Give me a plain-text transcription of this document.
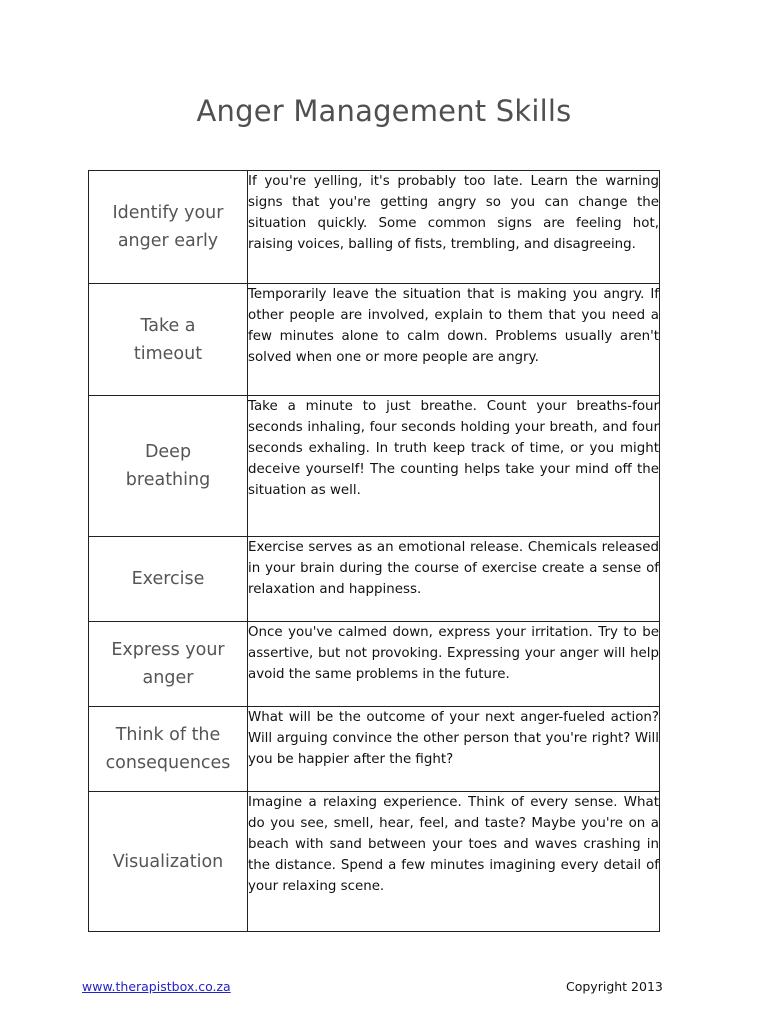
Anger Management Skills
Identify your anger early	If you're yelling, it's probably too late. Learn the warning signs that you're getting angry so you can change the situation quickly. Some common signs are feeling hot, raising voices, balling of fists, trembling, and disagreeing.
Take a timeout	Temporarily leave the situation that is making you angry. If other people are involved, explain to them that you need a few minutes alone to calm down. Problems usually aren't solved when one or more people are angry.
Deep breathing	Take a minute to just breathe. Count your breaths-four seconds inhaling, four seconds holding your breath, and four seconds exhaling. In truth keep track of time, or you might deceive yourself! The counting helps take your mind off the situation as well.
Exercise	Exercise serves as an emotional release. Chemicals released in your brain during the course of exercise create a sense of relaxation and happiness.
Express your anger	Once you've calmed down, express your irritation. Try to be assertive, but not provoking. Expressing your anger will help avoid the same problems in the future.
Think of the consequences	What will be the outcome of your next anger-fueled action? Will arguing convince the other person that you're right? Will you be happier after the fight?
Visualization	Imagine a relaxing experience. Think of every sense. What do you see, smell, hear, feel, and taste? Maybe you're on a beach with sand between your toes and waves crashing in the distance. Spend a few minutes imagining every detail of your relaxing scene.
www.therapistbox.co.za	Copyright 2013
